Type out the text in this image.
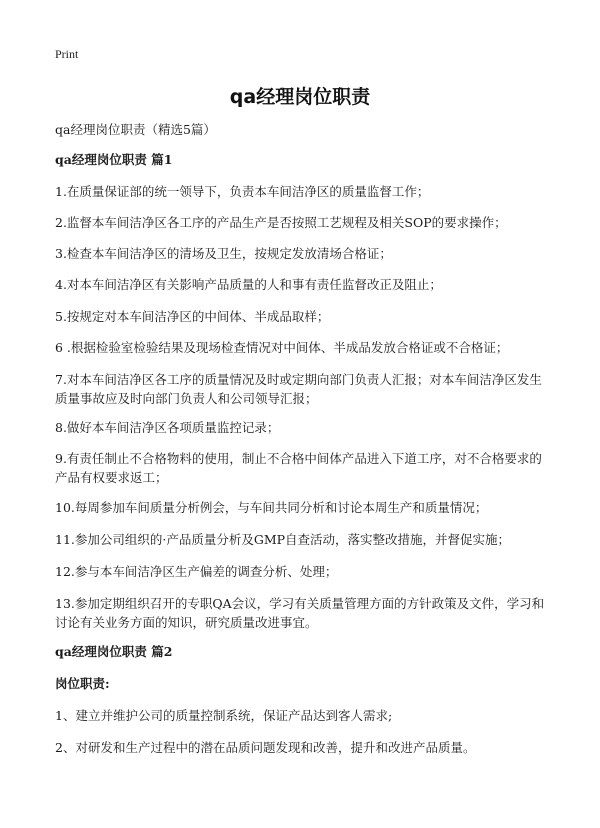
Print
qa经理岗位职责
qa经理岗位职责（精选5篇）
qa经理岗位职责 篇1
1.在质量保证部的统一领导下，负责本车间洁净区的质量监督工作；
2.监督本车间洁净区各工序的产品生产是否按照工艺规程及相关SOP的要求操作；
3.检查本车间洁净区的清场及卫生，按规定发放清场合格证；
4.对本车间洁净区有关影响产品质量的人和事有责任监督改正及阻止；
5.按规定对本车间洁净区的中间体、半成品取样；
6 .根据检验室检验结果及现场检查情况对中间体、半成品发放合格证或不合格证；
7.对本车间洁净区各工序的质量情况及时或定期向部门负责人汇报；对本车间洁净区发生质量事故应及时向部门负责人和公司领导汇报；
8.做好本车间洁净区各项质量监控记录；
9.有责任制止不合格物料的使用，制止不合格中间体产品进入下道工序，对不合格要求的产品有权要求返工；
10.每周参加车间质量分析例会，与车间共同分析和讨论本周生产和质量情况；
11.参加公司组织的·产品质量分析及GMP自查活动，落实整改措施，并督促实施；
12.参与本车间洁净区生产偏差的调查分析、处理；
13.参加定期组织召开的专职QA会议，学习有关质量管理方面的方针政策及文件，学习和讨论有关业务方面的知识，研究质量改进事宜。
qa经理岗位职责 篇2
岗位职责:
1、建立并维护公司的质量控制系统，保证产品达到客人需求;
2、对研发和生产过程中的潜在品质问题发现和改善，提升和改进产品质量。
